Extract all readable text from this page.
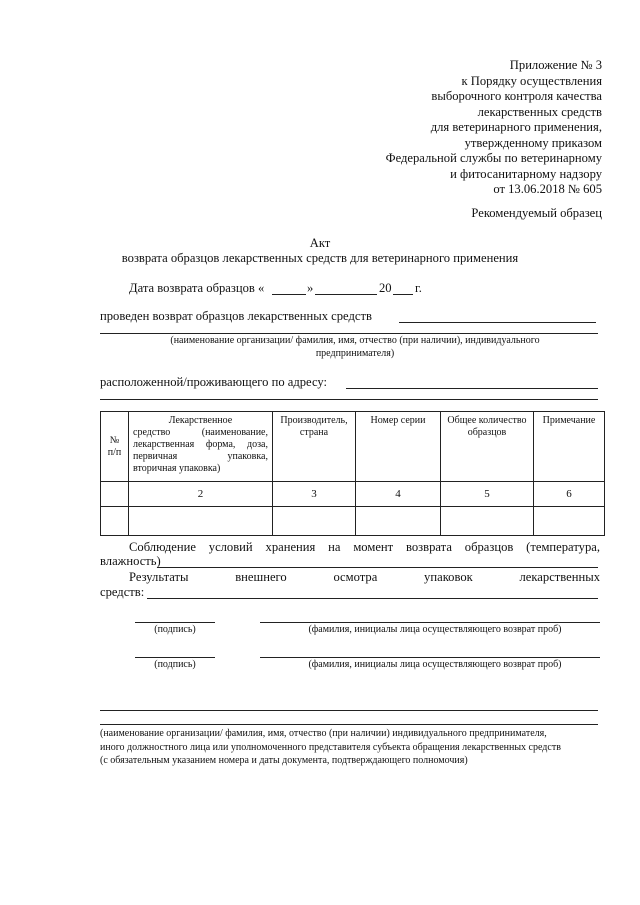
Приложение № 3
к Порядку осуществления
выборочного контроля качества
лекарственных средств
для ветеринарного применения,
утвержденному приказом
Федеральной службы по ветеринарному
и фитосанитарному надзору
от 13.06.2018 № 605
Рекомендуемый образец
Акт
возврата образцов лекарственных средств для ветеринарного применения
Дата возврата образцов «	»	20 г.
проведен возврат образцов лекарственных средств
(наименование организации/ фамилия, имя, отчество (при наличии), индивидуального предпринимателя)
расположенной/проживающего по адресу:
№ п/п	Лекарственное
средство (наименование,
лекарственная форма, доза,
первичная упаковка,
вторичная упаковка)	Производитель, страна	Номер серии	Общее количество образцов	Примечание
	2	3	4	5	6

Соблюдение условий хранения на момент возврата образцов (температура,
влажность)
Результаты внешнего осмотра упаковок лекарственных
средств:
(подпись)	(фамилия, инициалы лица осуществляющего возврат проб)
(подпись)	(фамилия, инициалы лица осуществляющего возврат проб)
(наименование организации/ фамилия, имя, отчество (при наличии) индивидуального предпринимателя,
иного должностного лица или уполномоченного представителя субъекта обращения лекарственных средств
(с обязательным указанием номера и даты документа, подтверждающего полномочия)
